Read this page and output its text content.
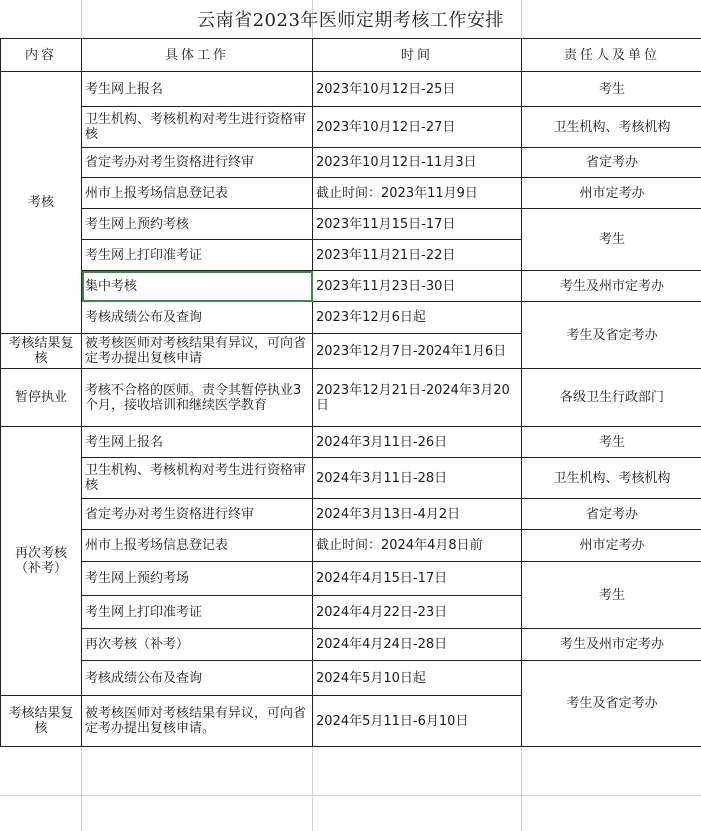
云南省2023年医师定期考核工作安排
内容	具体工作	时间	责任人及单位
考核	考生网上报名	2023年10月12日-25日	考生
	卫生机构、考核机构对考生进行资格审核	2023年10月12日-27日	卫生机构、考核机构
	省定考办对考生资格进行终审	2023年10月12日-11月3日	省定考办
	州市上报考场信息登记表	截止时间：2023年11月9日	州市定考办
	考生网上预约考核	2023年11月15日-17日	考生
	考生网上打印准考证	2023年11月21日-22日	
	集中考核	2023年11月23日-30日	考生及州市定考办
	考核成绩公布及查询	2023年12月6日起	考生及省定考办
考核结果复核	被考核医师对考核结果有异议，可向省定考办提出复核申请	2023年12月7日-2024年1月6日	
暂停执业	考核不合格的医师。责令其暂停执业3个月，接收培训和继续医学教育	2023年12月21日-2024年3月20日	各级卫生行政部门
再次考核（补考）	考生网上报名	2024年3月11日-26日	考生
	卫生机构、考核机构对考生进行资格审核	2024年3月11日-28日	卫生机构、考核机构
	省定考办对考生资格进行终审	2024年3月13日-4月2日	省定考办
	州市上报考场信息登记表	截止时间：2024年4月8日前	州市定考办
	考生网上预约考场	2024年4月15日-17日	考生
	考生网上打印准考证	2024年4月22日-23日	
	再次考核（补考）	2024年4月24日-28日	考生及州市定考办
	考核成绩公布及查询	2024年5月10日起	考生及省定考办
考核结果复核	被考核医师对考核结果有异议，可向省定考办提出复核申请。	2024年5月11日-6月10日	
